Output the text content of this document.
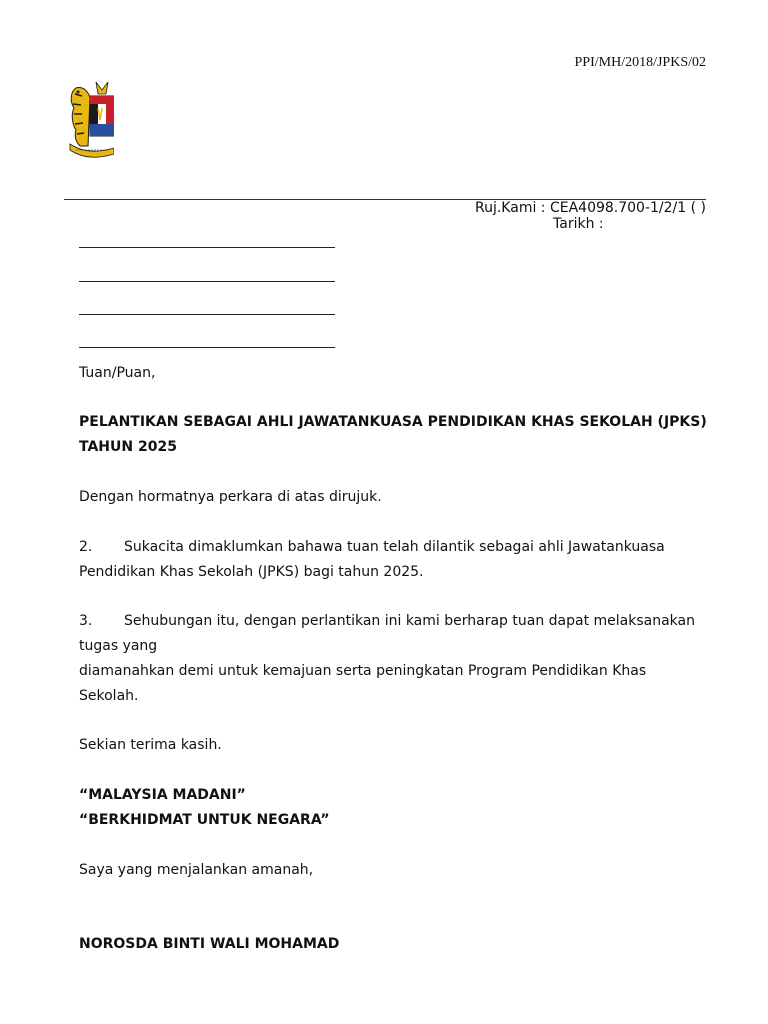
PPI/MH/2018/JPKS/02
Ruj.Kami : CEA4098.700-1/2/1 ( )
Tarikh :
Tuan/Puan,
PELANTIKAN SEBAGAI AHLI JAWATANKUASA PENDIDIKAN KHAS SEKOLAH (JPKS)
TAHUN 2025
Dengan hormatnya perkara di atas dirujuk.
2. Sukacita dimaklumkan bahawa tuan telah dilantik sebagai ahli Jawatankuasa
Pendidikan Khas Sekolah (JPKS) bagi tahun 2025.
3. Sehubungan itu, dengan perlantikan ini kami berharap tuan dapat melaksanakan
tugas yang
diamanahkan demi untuk kemajuan serta peningkatan Program Pendidikan Khas
Sekolah.
Sekian terima kasih.
“MALAYSIA MADANI”
“BERKHIDMAT UNTUK NEGARA”
Saya yang menjalankan amanah,
NOROSDA BINTI WALI MOHAMAD
